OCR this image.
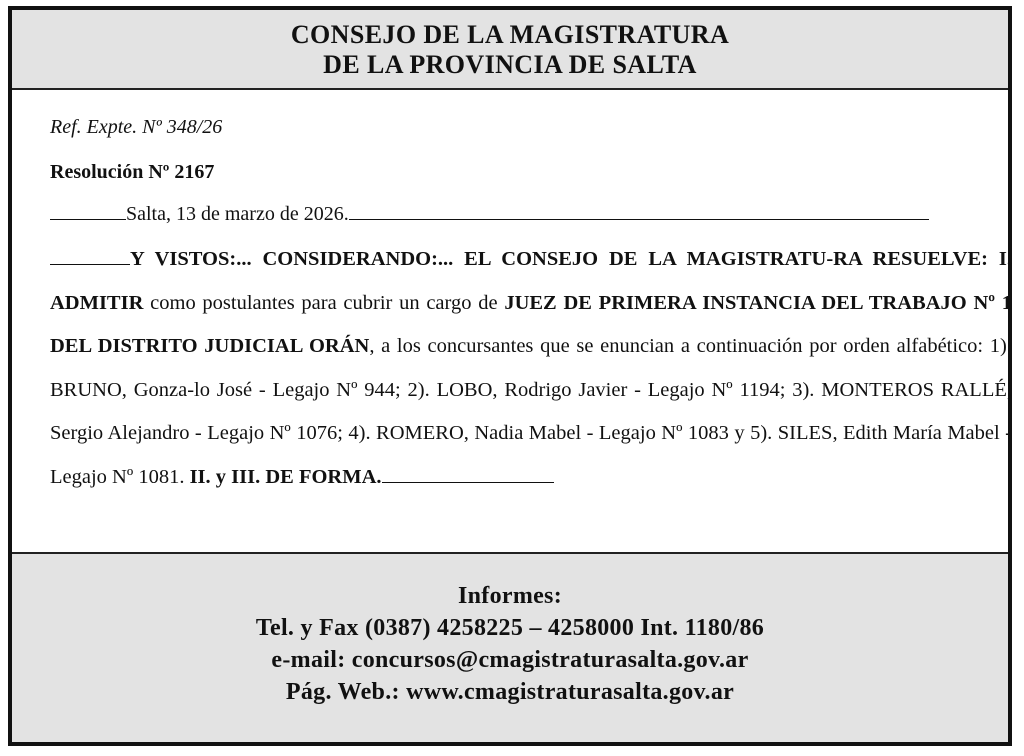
CONSEJO DE LA MAGISTRATURA
DE LA PROVINCIA DE SALTA
Ref. Expte. Nº 348/26
Resolución Nº 2167
Salta, 13 de marzo de 2026.
Y VISTOS:... CONSIDERANDO:... EL CONSEJO DE LA MAGISTRATU-RA RESUELVE: I. ADMITIR como postulantes para cubrir un cargo de JUEZ DE PRIMERA INSTANCIA DEL TRABAJO Nº 1 DEL DISTRITO JUDICIAL ORÁN, a los concursantes que se enuncian a continuación por orden alfabético: 1). BRUNO, Gonza-lo José - Legajo Nº 944; 2). LOBO, Rodrigo Javier - Legajo Nº 1194; 3). MONTEROS RALLÉ, Sergio Alejandro - Legajo Nº 1076; 4). ROMERO, Nadia Mabel - Legajo Nº 1083 y 5). SILES, Edith María Mabel - Legajo Nº 1081. II. y III. DE FORMA.
Informes:
Tel. y Fax (0387) 4258225 – 4258000 Int. 1180/86
e-mail: concursos@cmagistraturasalta.gov.ar
Pág. Web.: www.cmagistraturasalta.gov.ar
